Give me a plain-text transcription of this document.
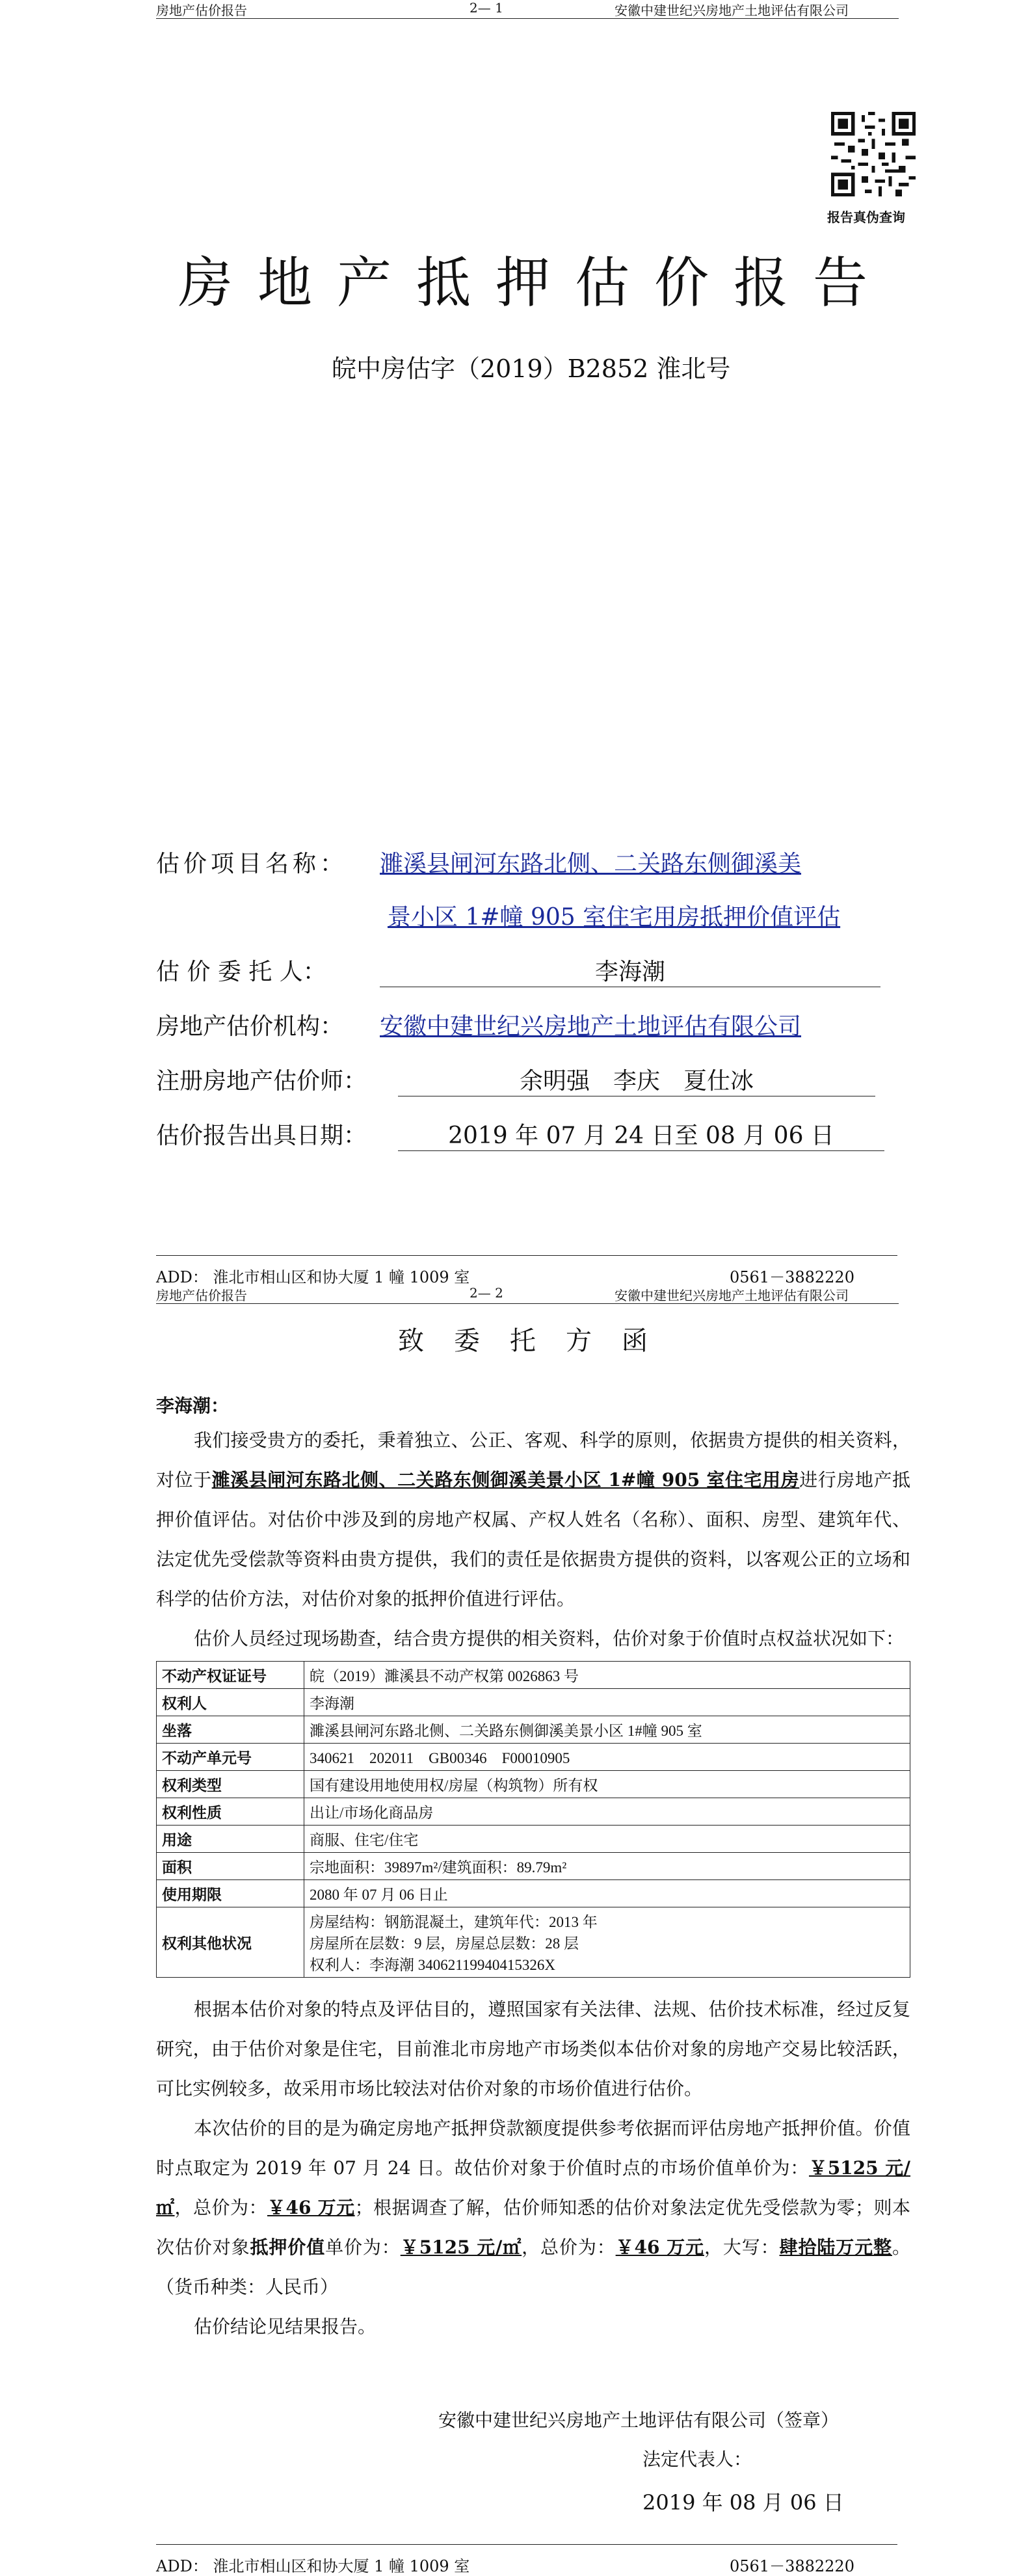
房地产估价报告	2— 1	安徽中建世纪兴房地产土地评估有限公司
报告真伪查询
房地产抵押估价报告
皖中房估字（2019）B2852 淮北号
估价项目名称： 濉溪县闸河东路北侧、二关路东侧御溪美
景小区 1#幢 905 室住宅用房抵押价值评估
估 价 委 托 人：	李海潮
房地产估价机构： 安徽中建世纪兴房地产土地评估有限公司
注册房地产估价师：	余明强　李庆　夏仕冰
估价报告出具日期：	2019 年 07 月 24 日至 08 月 06 日
ADD： 淮北市相山区和协大厦 1 幢 1009 室	0561－3882220
房地产估价报告	2— 2	安徽中建世纪兴房地产土地评估有限公司
致委托方函
李海潮：

我们接受贵方的委托，秉着独立、公正、客观、科学的原则，依据贵方提供的相关资料，对位于濉溪县闸河东路北侧、二关路东侧御溪美景小区 1#幢 905 室住宅用房进行房地产抵押价值评估。对估价中涉及到的房地产权属、产权人姓名（名称）、面积、房型、建筑年代、法定优先受偿款等资料由贵方提供，我们的责任是依据贵方提供的资料，以客观公正的立场和科学的估价方法，对估价对象的抵押价值进行评估。

估价人员经过现场勘查，结合贵方提供的相关资料，估价对象于价值时点权益状况如下：

不动产权证证号	皖（2019）濉溪县不动产权第 0026863 号

权利人	李海潮

坐落	濉溪县闸河东路北侧、二关路东侧御溪美景小区 1#幢 905 室

不动产单元号	340621　202011　GB00346　F00010905

权利类型	国有建设用地使用权/房屋（构筑物）所有权

权利性质	出让/市场化商品房

用途	商服、住宅/住宅

面积	宗地面积：39897m²/建筑面积：89.79m²

使用期限	2080 年 07 月 06 日止

权利其他状况	房屋结构：钢筋混凝土，建筑年代：2013 年
房屋所在层数：9 层，房屋总层数：28 层
权利人：李海潮 340621199404153​26X

根据本估价对象的特点及评估目的，遵照国家有关法律、法规、估价技术标准，经过反复研究，由于估价对象是住宅，目前淮北市房地产市场类似本估价对象的房地产交易比较活跃，可比实例较多，故采用市场比较法对估价对象的市场价值进行估价。

本次估价的目的是为确定房地产抵押贷款额度提供参考依据而评估房地产抵押价值。价值时点取定为 2019 年 07 月 24 日。故估价对象于价值时点的市场价值单价为：￥5125 元/㎡，总价为：￥46 万元；根据调查了解，估价师知悉的估价对象法定优先受偿款为零；则本次估价对象抵押价值单价为：￥5125 元/㎡，总价为：￥46 万元，大写：肆拾陆万元整。（货币种类：人民币）

估价结论见结果报告。

安徽中建世纪兴房地产土地评估有限公司（签章）
法定代表人：
2019 年 08 月 06 日
ADD： 淮北市相山区和协大厦 1 幢 1009 室	0561－3882220
